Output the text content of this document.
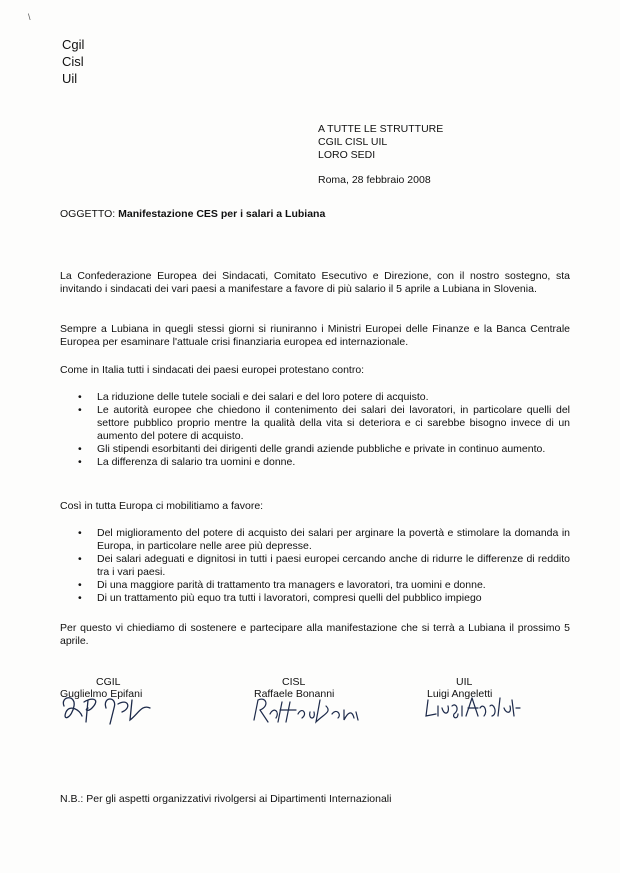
\
Cgil
Cisl
Uil
A TUTTE LE STRUTTURE
CGIL CISL UIL
LORO SEDI
Roma, 28 febbraio 2008
OGGETTO: Manifestazione CES per i salari a Lubiana
La Confederazione Europea dei Sindacati, Comitato Esecutivo e Direzione, con il nostro sostegno, sta invitando i sindacati dei vari paesi a manifestare a favore di più salario il 5 aprile a Lubiana in Slovenia.
Sempre a Lubiana in quegli stessi giorni si riuniranno i Ministri Europei delle Finanze e la Banca Centrale Europea per esaminare l'attuale crisi finanziaria europea ed internazionale.
Come in Italia tutti i sindacati dei paesi europei protestano contro:
• La riduzione delle tutele sociali e dei salari e del loro potere di acquisto.
• Le autorità europee che chiedono il contenimento dei salari dei lavoratori, in particolare quelli del settore pubblico proprio mentre la qualità della vita si deteriora e ci sarebbe bisogno invece di un aumento del potere di acquisto.
• Gli stipendi esorbitanti dei dirigenti delle grandi aziende pubbliche e private in continuo aumento.
• La differenza di salario tra uomini e donne.
Così in tutta Europa ci mobilitiamo a favore:
• Del miglioramento del potere di acquisto dei salari per arginare la povertà e stimolare la domanda in Europa, in particolare nelle aree più depresse.
• Dei salari adeguati e dignitosi in tutti i paesi europei cercando anche di ridurre le differenze di reddito tra i vari paesi.
• Di una maggiore parità di trattamento tra managers e lavoratori, tra uomini e donne.
• Di un trattamento più equo tra tutti i lavoratori, compresi quelli del pubblico impiego
Per questo vi chiediamo di sostenere e partecipare alla manifestazione che si terrà a Lubiana il prossimo 5 aprile.
CGIL
Guglielmo Epifani
CISL
Raffaele Bonanni
UIL
Luigi Angeletti
N.B.: Per gli aspetti organizzativi rivolgersi ai Dipartimenti Internazionali
